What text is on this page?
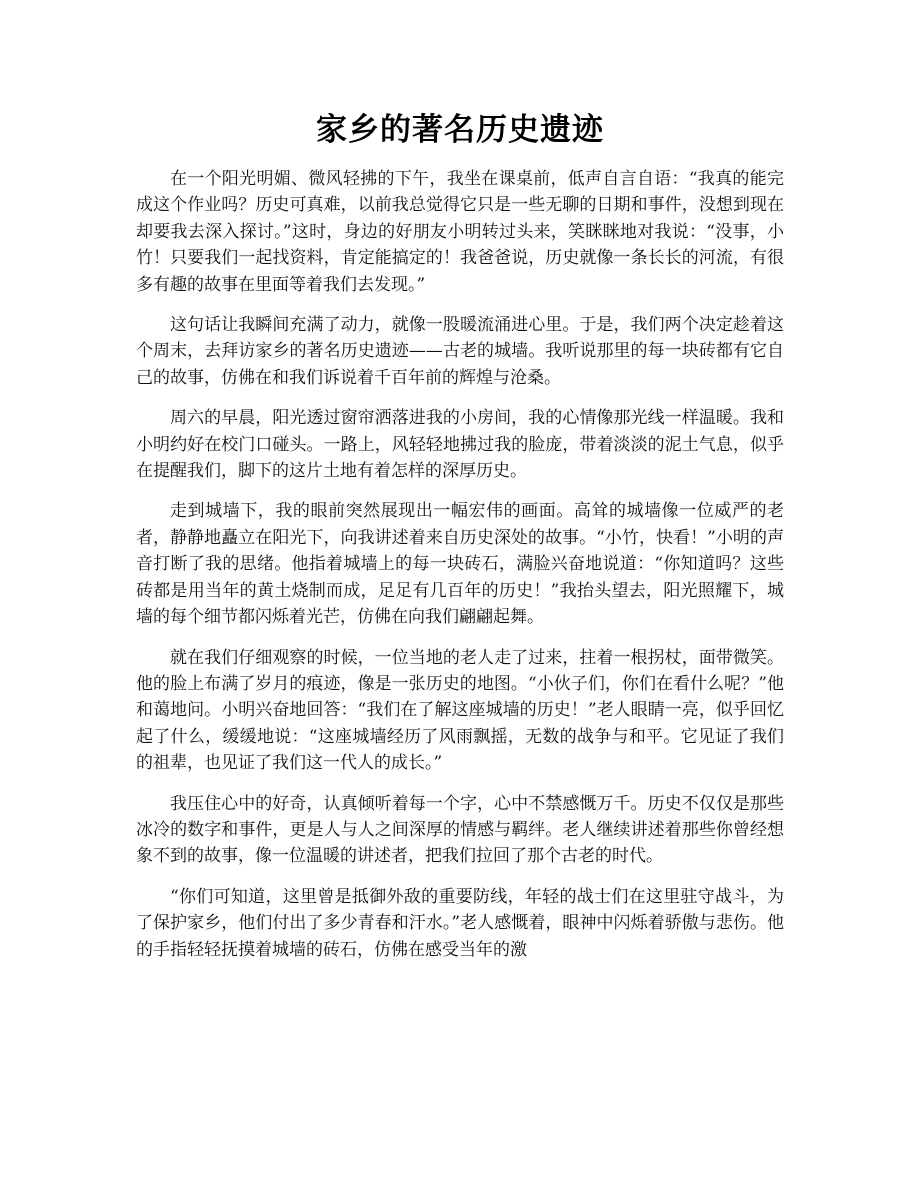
家乡的著名历史遗迹

在一个阳光明媚、微风轻拂的下午，我坐在课桌前，低声自言自语：“我真的能完成这个作业吗？历史可真难，以前我总觉得它只是一些无聊的日期和事件，没想到现在却要我去深入探讨。”这时，身边的好朋友小明转过头来，笑眯眯地对我说：“没事，小竹！只要我们一起找资料，肯定能搞定的！我爸爸说，历史就像一条长长的河流，有很多有趣的故事在里面等着我们去发现。”

这句话让我瞬间充满了动力，就像一股暖流涌进心里。于是，我们两个决定趁着这个周末，去拜访家乡的著名历史遗迹——古老的城墙。我听说那里的每一块砖都有它自己的故事，仿佛在和我们诉说着千百年前的辉煌与沧桑。

周六的早晨，阳光透过窗帘洒落进我的小房间，我的心情像那光线一样温暖。我和小明约好在校门口碰头。一路上，风轻轻地拂过我的脸庞，带着淡淡的泥土气息，似乎在提醒我们，脚下的这片土地有着怎样的深厚历史。

走到城墙下，我的眼前突然展现出一幅宏伟的画面。高耸的城墙像一位威严的老者，静静地矗立在阳光下，向我讲述着来自历史深处的故事。“小竹，快看！”小明的声音打断了我的思绪。他指着城墙上的每一块砖石，满脸兴奋地说道：“你知道吗？这些砖都是用当年的黄土烧制而成，足足有几百年的历史！”我抬头望去，阳光照耀下，城墙的每个细节都闪烁着光芒，仿佛在向我们翩翩起舞。

就在我们仔细观察的时候，一位当地的老人走了过来，拄着一根拐杖，面带微笑。他的脸上布满了岁月的痕迹，像是一张历史的地图。“小伙子们，你们在看什么呢？”他和蔼地问。小明兴奋地回答：“我们在了解这座城墙的历史！”老人眼睛一亮，似乎回忆起了什么，缓缓地说：“这座城墙经历了风雨飘摇，无数的战争与和平。它见证了我们的祖辈，也见证了我们这一代人的成长。”

我压住心中的好奇，认真倾听着每一个字，心中不禁感慨万千。历史不仅仅是那些冰冷的数字和事件，更是人与人之间深厚的情感与羁绊。老人继续讲述着那些你曾经想象不到的故事，像一位温暖的讲述者，把我们拉回了那个古老的时代。

“你们可知道，这里曾是抵御外敌的重要防线，年轻的战士们在这里驻守战斗，为了保护家乡，他们付出了多少青春和汗水。”老人感慨着，眼神中闪烁着骄傲与悲伤。他的手指轻轻抚摸着城墙的砖石，仿佛在感受当年的激
